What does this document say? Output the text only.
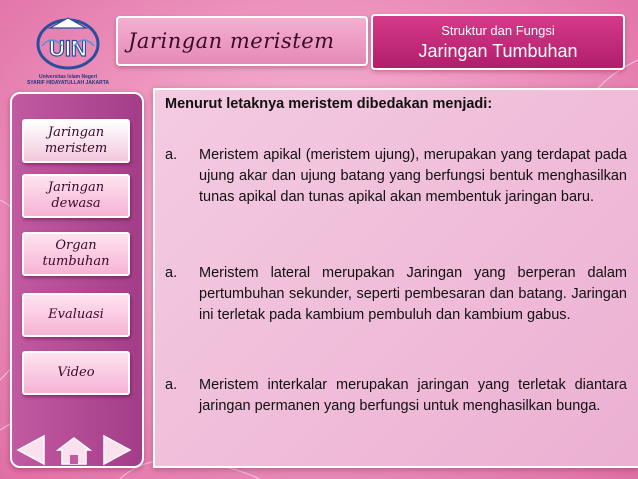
UIN
Universitas Islam Negeri
SYARIF HIDAYATULLAH JAKARTA
Jaringan meristem	Struktur dan Fungsi
Jaringan Tumbuhan
Jaringan meristem
Jaringan dewasa
Organ tumbuhan
Evaluasi
Video
Menurut letaknya meristem dibedakan menjadi:
a. Meristem apikal (meristem ujung), merupakan yang terdapat pada ujung akar dan ujung batang yang berfungsi bentuk menghasilkan tunas apikal dan tunas apikal akan membentuk jaringan baru.
a. Meristem lateral merupakan Jaringan yang berperan dalam pertumbuhan sekunder, seperti pembesaran dan batang. Jaringan ini terletak pada kambium pembuluh dan kambium gabus.
a. Meristem interkalar merupakan jaringan yang terletak diantara jaringan permanen yang berfungsi untuk menghasilkan bunga.
